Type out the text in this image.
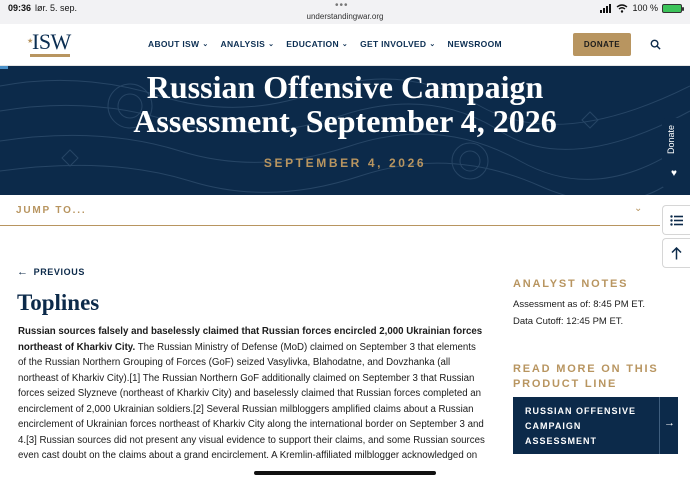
09:36 lør. 5. sep.	•••
understandingwar.org
100 %
★
ISW	ABOUT ISW ⌄ ANALYSIS ⌄ EDUCATION ⌄ GET INVOLVED ⌄ NEWSROOM	DONATE
Russian Offensive Campaign
Assessment, September 4, 2026
SEPTEMBER 4, 2026
JUMP TO...	⌄
Donate
♥
← PREVIOUS
Toplines

Russian sources falsely and baselessly claimed that Russian forces encircled 2,000 Ukrainian forces northeast of Kharkiv City. The Russian Ministry of Defense (MoD) claimed on September 3 that elements of the Russian Northern Grouping of Forces (GoF) seized Vasylivka, Blahodatne, and Dovzhanka (all northeast of Kharkiv City).[1] The Russian Northern GoF additionally claimed on September 3 that Russian forces seized Slyzneve (northeast of Kharkiv City) and baselessly claimed that Russian forces completed an encirclement of 2,000 Ukrainian soldiers.[2] Several Russian milbloggers amplified claims about a Russian encirclement of Ukrainian forces northeast of Kharkiv City along the international border on September 3 and 4.[3] Russian sources did not present any visual evidence to support their claims, and some Russian sources even cast doubt on the claims about a grand encirclement. A Kremlin-affiliated milblogger acknowledged on

ANALYST NOTES
Assessment as of: 8:45 PM ET.
Data Cutoff: 12:45 PM ET.
READ MORE ON THIS PRODUCT LINE
RUSSIAN OFFENSIVE CAMPAIGN ASSESSMENT
→
